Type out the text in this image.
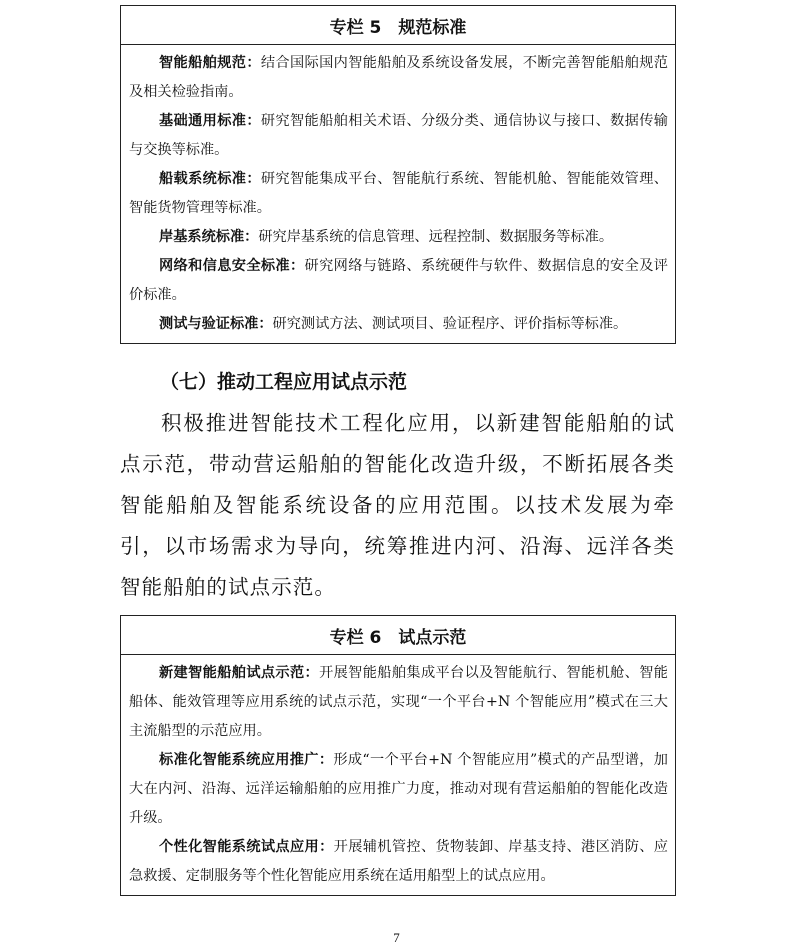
专栏 5　规范标准

智能船舶规范：结合国际国内智能船舶及系统设备发展，不断完善智能船舶规范及相关检验指南。

基础通用标准：研究智能船舶相关术语、分级分类、通信协议与接口、数据传输与交换等标准。

船载系统标准：研究智能集成平台、智能航行系统、智能机舱、智能能效管理、智能货物管理等标准。

岸基系统标准：研究岸基系统的信息管理、远程控制、数据服务等标准。

网络和信息安全标准：研究网络与链路、系统硬件与软件、数据信息的安全及评价标准。

测试与验证标准：研究测试方法、测试项目、验证程序、评价指标等标准。

（七）推动工程应用试点示范

积极推进智能技术工程化应用，以新建智能船舶的试点示范，带动营运船舶的智能化改造升级，不断拓展各类智能船舶及智能系统设备的应用范围。以技术发展为牵引，以市场需求为导向，统筹推进内河、沿海、远洋各类智能船舶的试点示范。

专栏 6　试点示范

新建智能船舶试点示范：开展智能船舶集成平台以及智能航行、智能机舱、智能船体、能效管理等应用系统的试点示范，实现“一个平台+N 个智能应用”模式在三大主流船型的示范应用。

标准化智能系统应用推广：形成“一个平台+N 个智能应用”模式的产品型谱，加大在内河、沿海、远洋运输船舶的应用推广力度，推动对现有营运船舶的智能化改造升级。

个性化智能系统试点应用：开展辅机管控、货物装卸、岸基支持、港区消防、应急救援、定制服务等个性化智能应用系统在适用船型上的试点应用。

7
